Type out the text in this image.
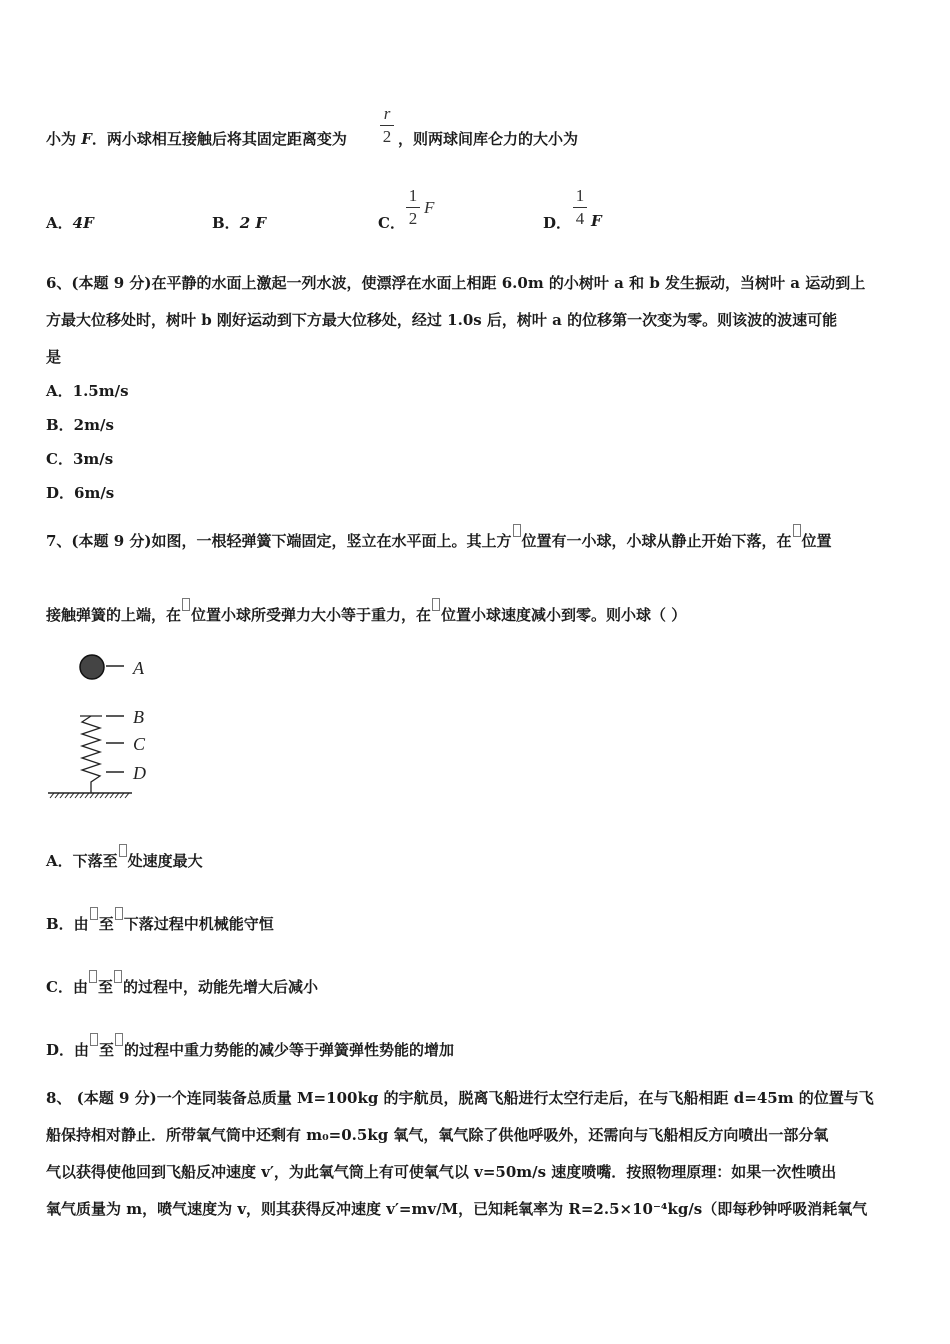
小为 F．两小球相互接触后将其固定距离变为
r
2 ，则两球间库仑力的大小为
A．4F	B．2 F	C．
1
2
F
D．
1
4 F
6、(本题 9 分)在平静的水面上激起一列水波，使漂浮在水面上相距 6.0m 的小树叶 a 和 b 发生振动，当树叶 a 运动到上
方最大位移处时，树叶 b 刚好运动到下方最大位移处，经过 1.0s 后，树叶 a 的位移第一次变为零。则该波的波速可能
是
A．1.5m/s
B．2m/s
C．3m/s
D．6m/s
7、(本题 9 分)如图，一根轻弹簧下端固定，竖立在水平面上。其上方 位置有一小球，小球从静止开始下落，在 位置
接触弹簧的上端，在 位置小球所受弹力大小等于重力，在 位置小球速度减小到零。则小球（ ）
A
B
C
D
A．下落至 处速度最大
B．由 至 下落过程中机械能守恒
C．由 至 的过程中，动能先增大后减小
D．由 至 的过程中重力势能的减少等于弹簧弹性势能的增加
8、 (本题 9 分)一个连同装备总质量 M=100kg 的宇航员，脱离飞船进行太空行走后，在与飞船相距 d=45m 的位置与飞
船保持相对静止．所带氧气筒中还剩有 m₀=0.5kg 氧气，氧气除了供他呼吸外，还需向与飞船相反方向喷出一部分氧
气以获得使他回到飞船反冲速度 v′，为此氧气筒上有可使氧气以 v=50m/s 速度喷嘴．按照物理原理：如果一次性喷出
氧气质量为 m，喷气速度为 v，则其获得反冲速度 v′=mv/M，已知耗氧率为 R=2.5×10⁻⁴kg/s（即每秒钟呼吸消耗氧气
